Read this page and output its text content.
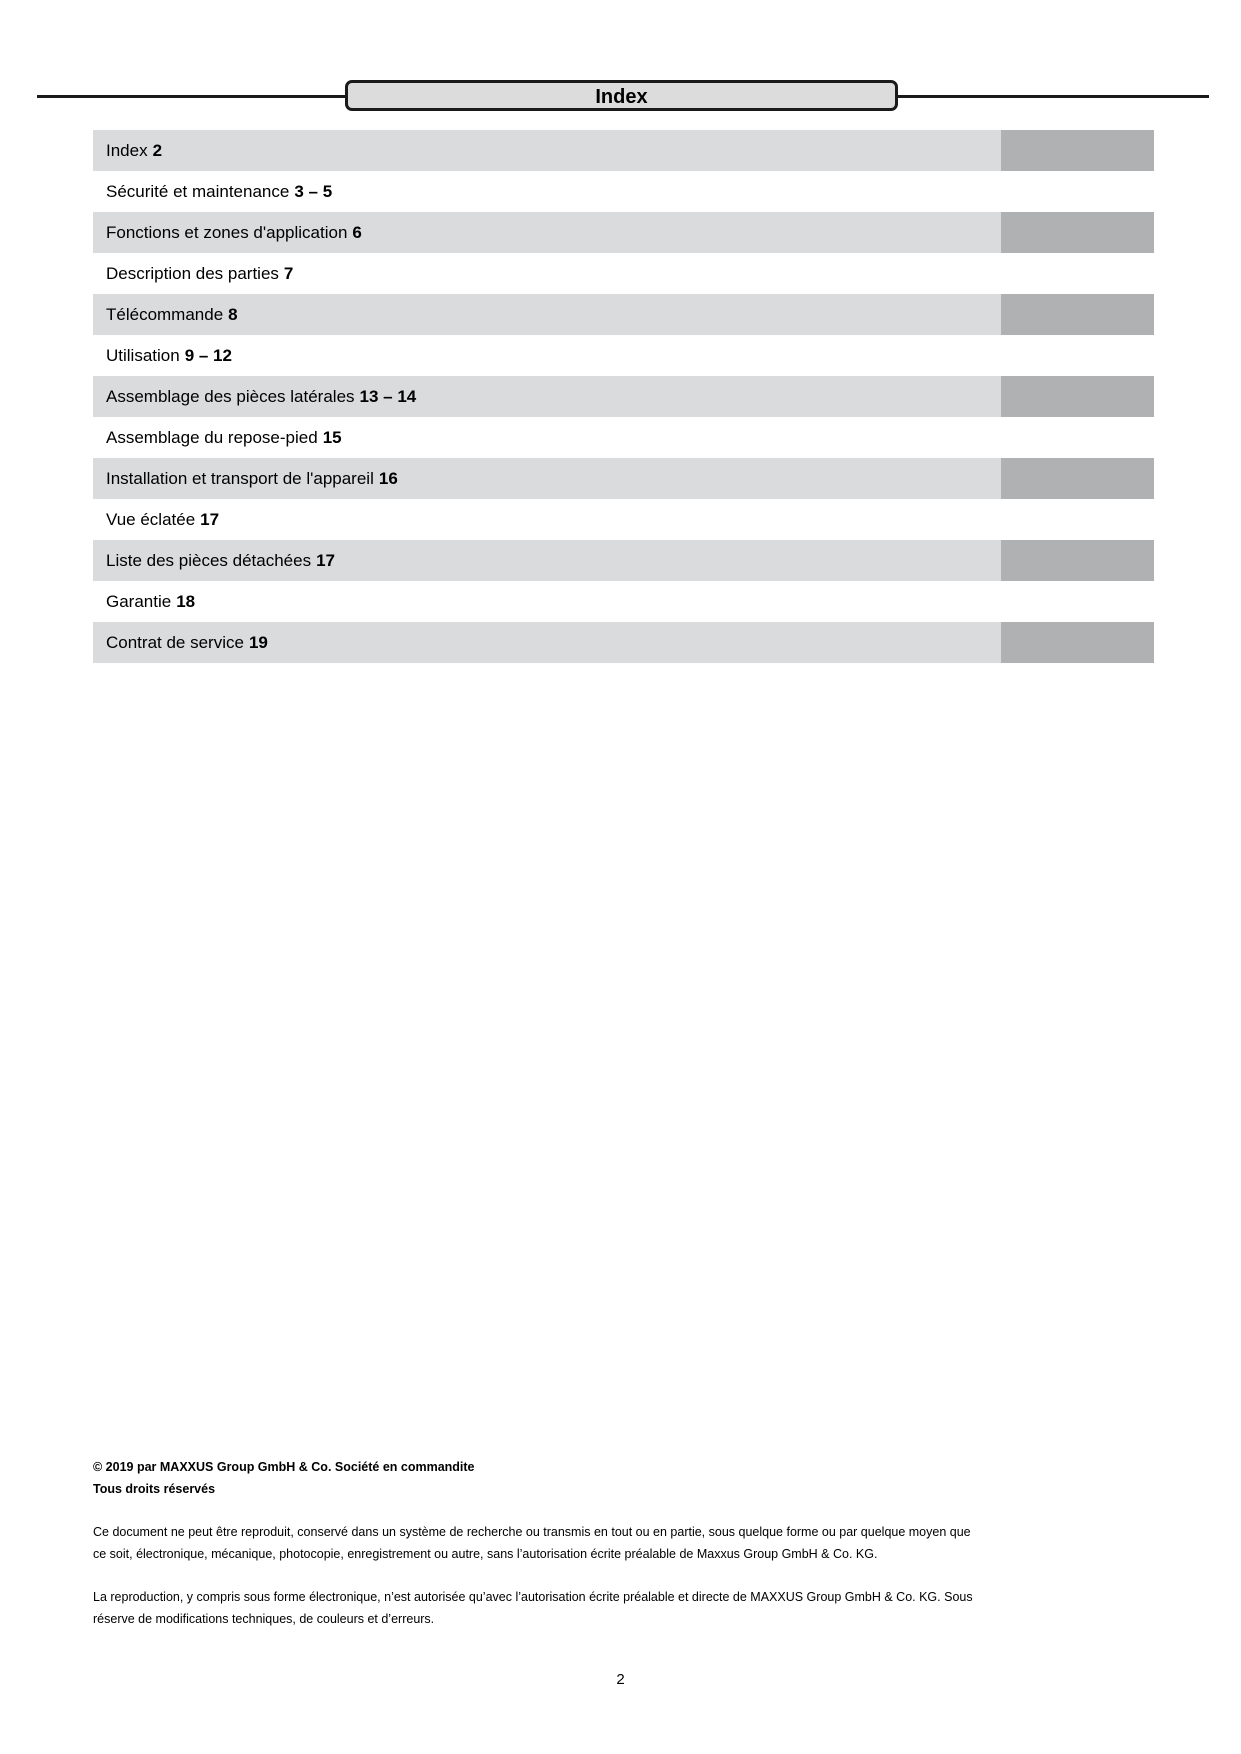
Index
Index 2
Sécurité et maintenance 3 – 5
Fonctions et zones d'application 6
Description des parties 7
Télécommande 8
Utilisation 9 – 12
Assemblage des pièces latérales 13 – 14
Assemblage du repose-pied 15
Installation et transport de l'appareil 16
Vue éclatée 17
Liste des pièces détachées 17
Garantie 18
Contrat de service 19
© 2019 par MAXXUS Group GmbH & Co. Société en commandite
Tous droits réservés
Ce document ne peut être reproduit, conservé dans un système de recherche ou transmis en tout ou en partie, sous quelque forme ou par quelque moyen que ce soit, électronique, mécanique, photocopie, enregistrement ou autre, sans l’autorisation écrite préalable de Maxxus Group GmbH & Co. KG.
La reproduction, y compris sous forme électronique, n’est autorisée qu’avec l’autorisation écrite préalable et directe de MAXXUS Group GmbH & Co. KG. Sous réserve de modifications techniques, de couleurs et d’erreurs.
2
